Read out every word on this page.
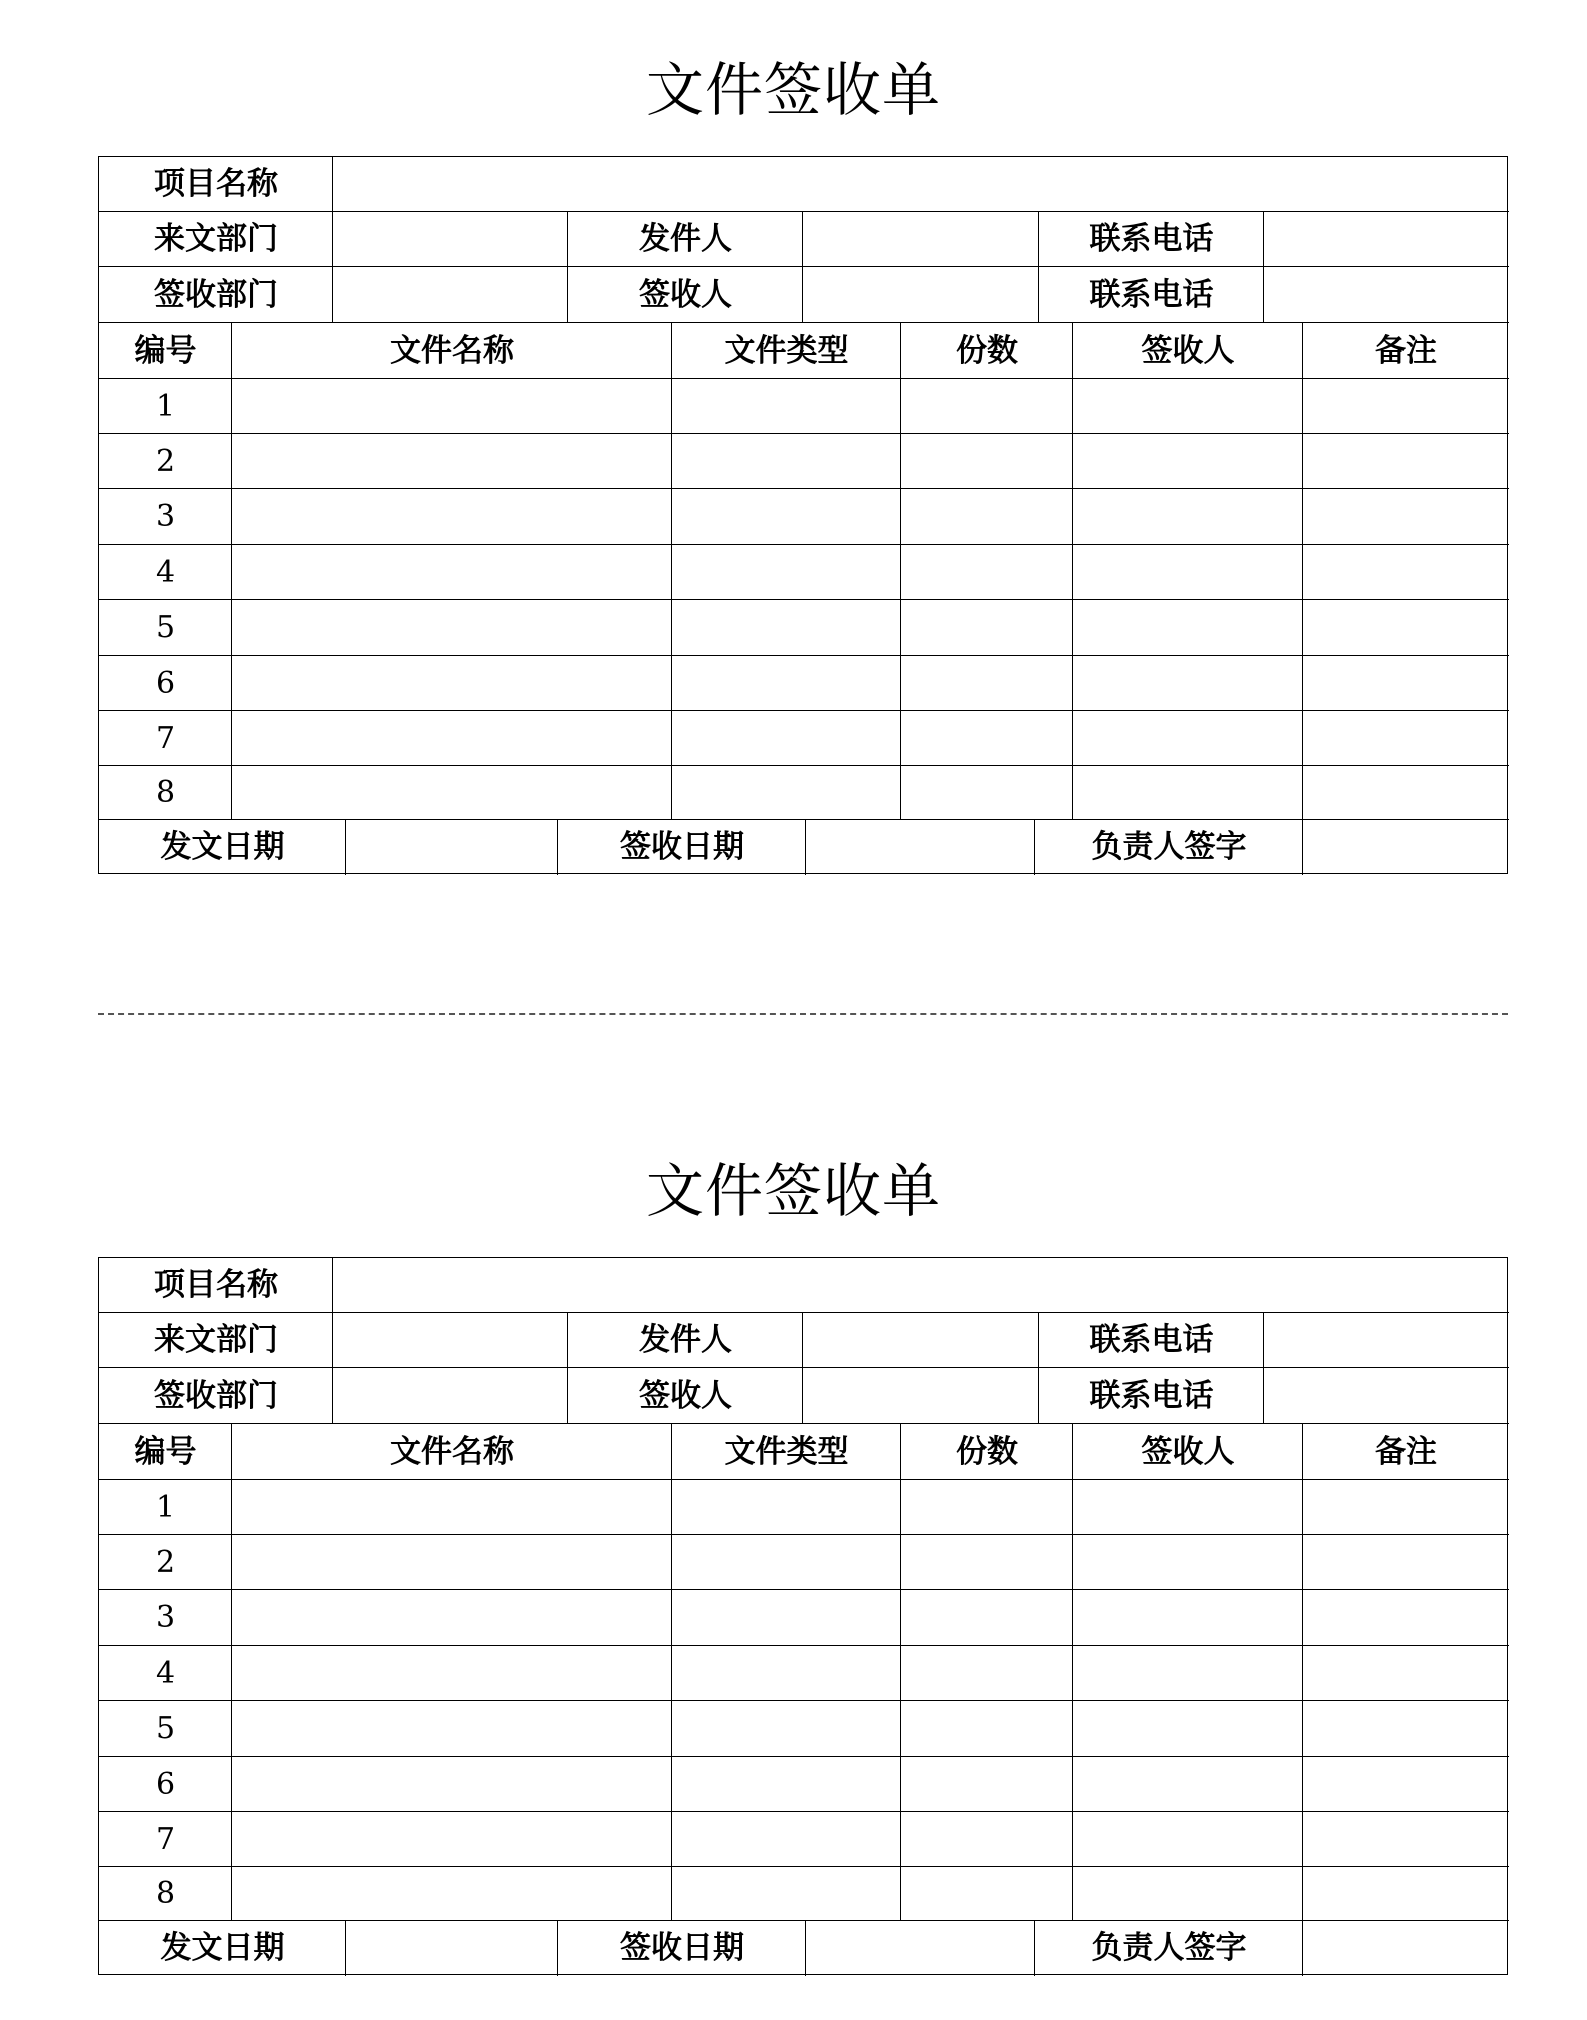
文件签收单
项目名称
来文部门	发件人	联系电话
签收部门	签收人	联系电话
编号	文件名称	文件类型	份数	签收人	备注
1
2
3
4
5
6
7
8
发文日期	签收日期	负责人签字
文件签收单
项目名称
来文部门	发件人	联系电话
签收部门	签收人	联系电话
编号	文件名称	文件类型	份数	签收人	备注
1
2
3
4
5
6
7
8
发文日期	签收日期	负责人签字
